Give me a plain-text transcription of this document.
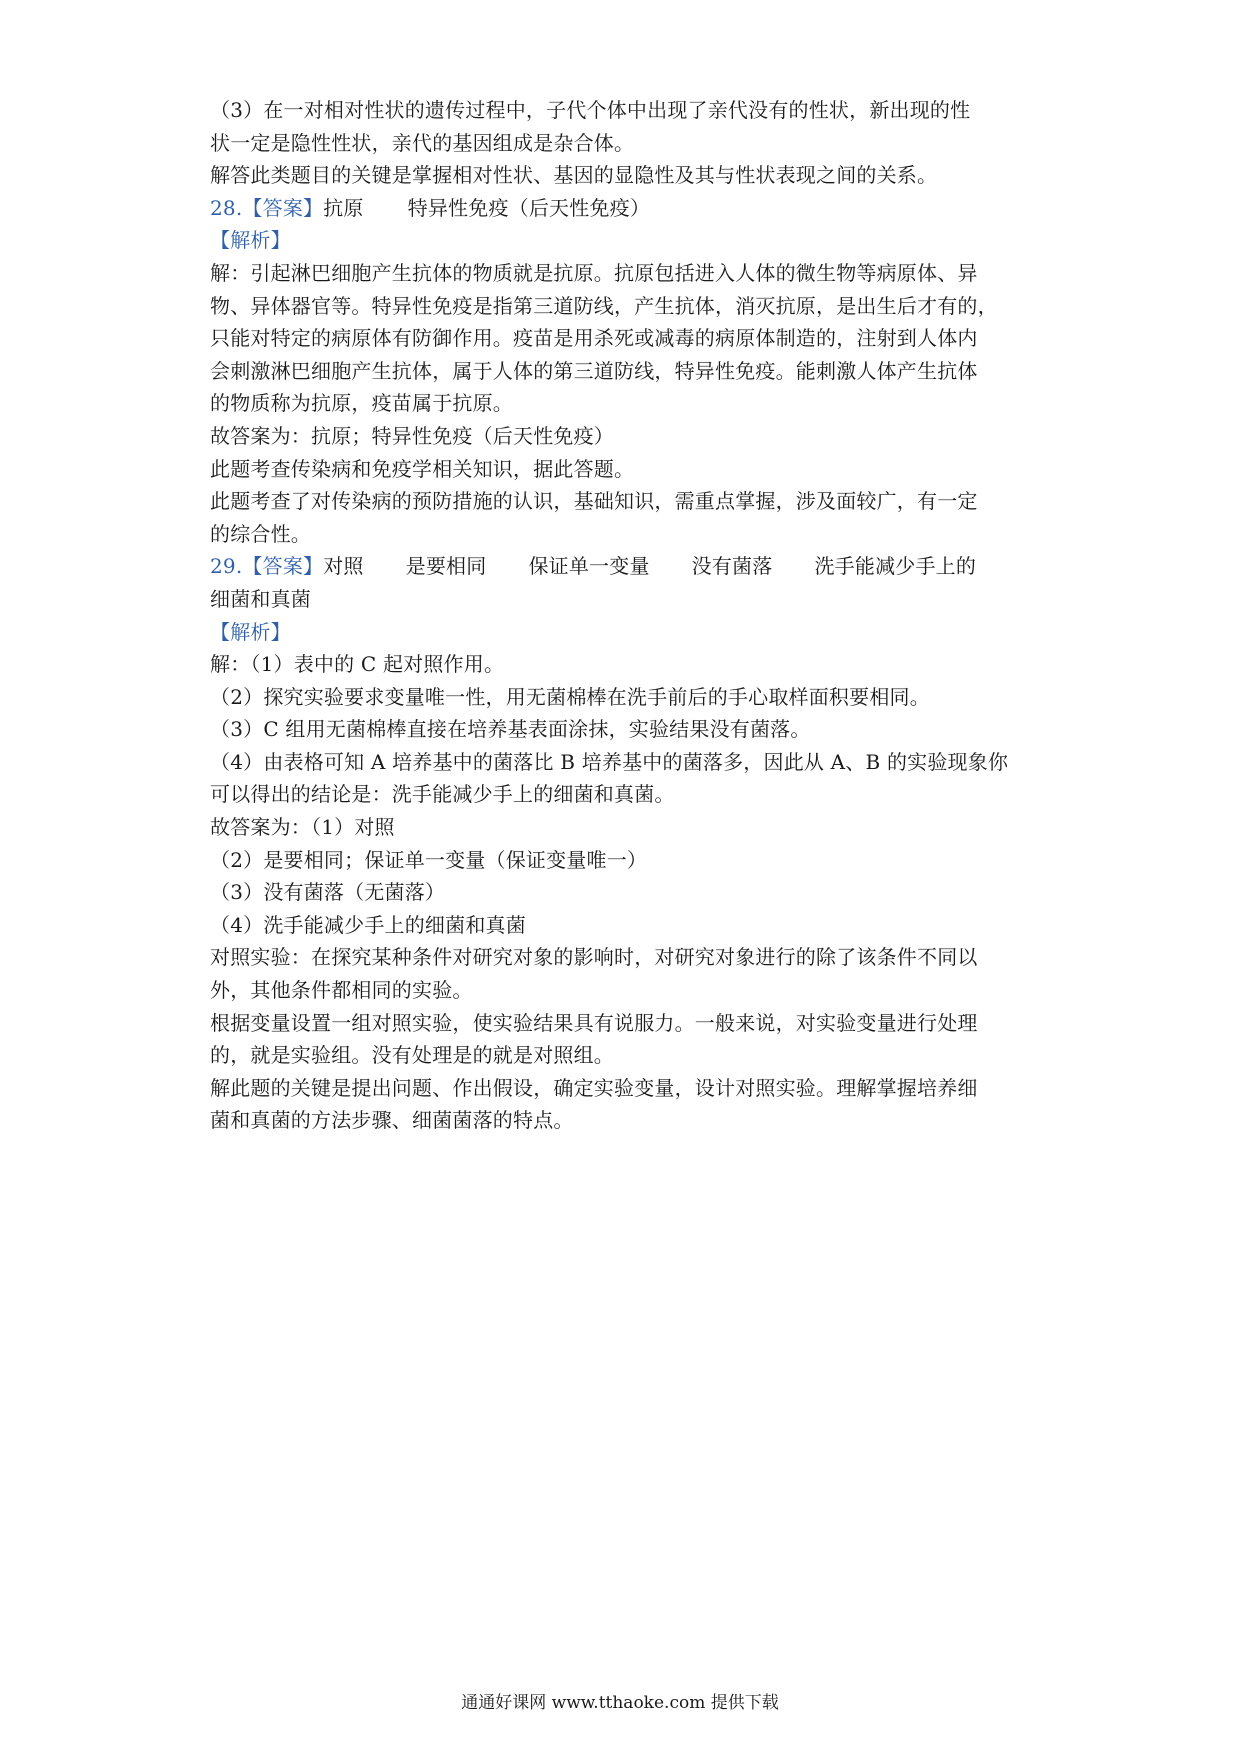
（3）在一对相对性状的遗传过程中，子代个体中出现了亲代没有的性状，新出现的性
状一定是隐性性状，亲代的基因组成是杂合体。
解答此类题目的关键是掌握相对性状、基因的显隐性及其与性状表现之间的关系。
28.【答案】抗原 特异性免疫（后天性免疫）
【解析】
解：引起淋巴细胞产生抗体的物质就是抗原。抗原包括进入人体的微生物等病原体、异
物、异体器官等。特异性免疫是指第三道防线，产生抗体，消灭抗原，是出生后才有的，
只能对特定的病原体有防御作用。疫苗是用杀死或减毒的病原体制造的，注射到人体内
会刺激淋巴细胞产生抗体，属于人体的第三道防线，特异性免疫。能刺激人体产生抗体
的物质称为抗原，疫苗属于抗原。
故答案为：抗原；特异性免疫（后天性免疫）
此题考查传染病和免疫学相关知识，据此答题。
此题考查了对传染病的预防措施的认识，基础知识，需重点掌握，涉及面较广，有一定
的综合性。
29.【答案】对照 是要相同 保证单一变量 没有菌落 洗手能减少手上的
细菌和真菌
【解析】
解：（1）表中的 C 起对照作用。
（2）探究实验要求变量唯一性，用无菌棉棒在洗手前后的手心取样面积要相同。
（3）C 组用无菌棉棒直接在培养基表面涂抹，实验结果没有菌落。
（4）由表格可知 A 培养基中的菌落比 B 培养基中的菌落多，因此从 A、B 的实验现象你
可以得出的结论是：洗手能减少手上的细菌和真菌。
故答案为：（1）对照
（2）是要相同；保证单一变量（保证变量唯一）
（3）没有菌落（无菌落）
（4）洗手能减少手上的细菌和真菌
对照实验：在探究某种条件对研究对象的影响时，对研究对象进行的除了该条件不同以
外，其他条件都相同的实验。
根据变量设置一组对照实验，使实验结果具有说服力。一般来说，对实验变量进行处理
的，就是实验组。没有处理是的就是对照组。
解此题的关键是提出问题、作出假设，确定实验变量，设计对照实验。理解掌握培养细
菌和真菌的方法步骤、细菌菌落的特点。
通通好课网 www.tthaoke.com 提供下载
